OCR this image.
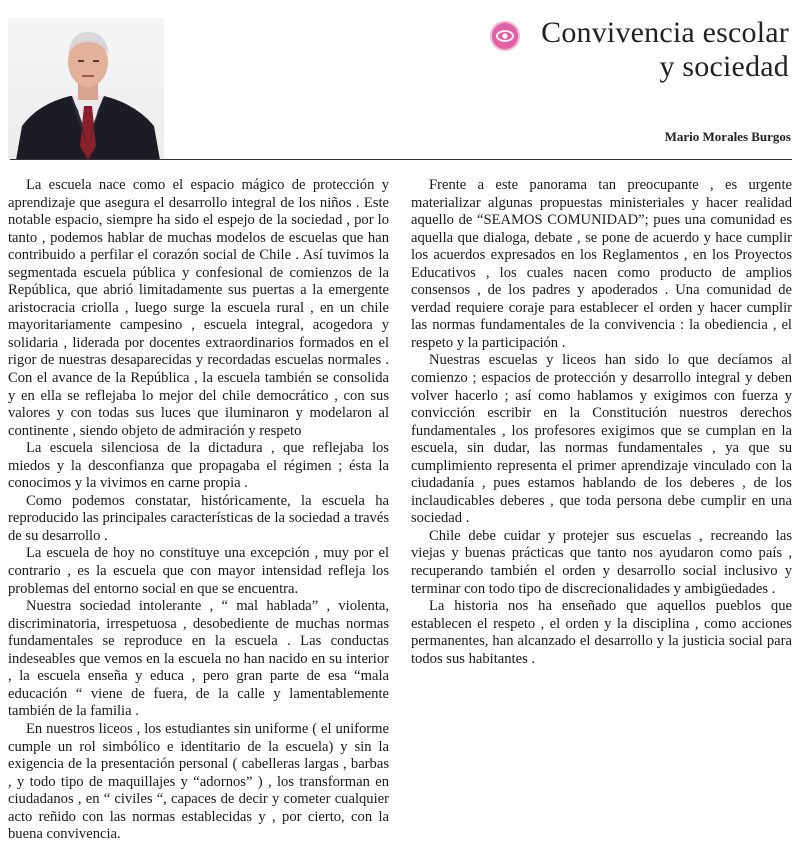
Convivencia escolar
y sociedad
Mario Morales Burgos

La escuela nace como el espacio mágico de protección y aprendizaje que asegura el desarrollo integral de los niños . Este notable espacio, siempre ha sido el espejo de la sociedad , por lo tanto , podemos hablar de muchas modelos de escuelas que han contribuido a perfilar el corazón social de Chile . Así tuvimos la segmentada escuela pública y confesional de comienzos de la República, que abrió limitadamente sus puertas a la emergente aristocracia criolla , luego surge la escuela rural , en un chile mayoritariamente campesino , escuela integral, acogedora y solidaria , liderada por docentes extraordinarios formados en el rigor de nuestras desaparecidas y recordadas escuelas normales . Con el avance de la República , la escuela también se consolida y en ella se reflejaba lo mejor del chile democrático , con sus valores y con todas sus luces que iluminaron y modelaron al continente , siendo objeto de admiración y respeto

La escuela silenciosa de la dictadura , que reflejaba los miedos y la desconfianza que propagaba el régimen ; ésta la conocimos y la vivimos en carne propia .

Como podemos constatar, históricamente, la escuela ha reproducido las principales características de la sociedad a través de su desarrollo .

La escuela de hoy no constituye una excepción , muy por el contrario , es la escuela que con mayor intensidad refleja los problemas del entorno social en que se encuentra.

Nuestra sociedad intolerante , “ mal hablada” , violenta, discriminatoria, irrespetuosa , desobediente de muchas normas fundamentales se reproduce en la escuela . Las conductas indeseables que vemos en la escuela no han nacido en su interior , la escuela enseña y educa , pero gran parte de esa “mala educación “ viene de fuera, de la calle y lamentablemente también de la familia .

En nuestros liceos , los estudiantes sin uniforme ( el uniforme cumple un rol simbólico e identitario de la escuela) y sin la exigencia de la presentación personal ( cabelleras largas , barbas , y todo tipo de maquillajes y “adornos” ) , los transforman en ciudadanos , en “ civiles “, capaces de decir y cometer cualquier acto reñido con las normas establecidas y , por cierto, con la buena convivencia.

Frente a este panorama tan preocupante , es urgente materializar algunas propuestas ministeriales y hacer realidad aquello de “SEAMOS COMUNIDAD”; pues una comunidad es aquella que dialoga, debate , se pone de acuerdo y hace cumplir los acuerdos expresados en los Reglamentos , en los Proyectos Educativos , los cuales nacen como producto de amplios consensos , de los padres y apoderados . Una comunidad de verdad requiere coraje para establecer el orden y hacer cumplir las normas fundamentales de la convivencia : la obediencia , el respeto y la participación .

Nuestras escuelas y liceos han sido lo que decíamos al comienzo ; espacios de protección y desarrollo integral y deben volver hacerlo ; así como hablamos y exigimos con fuerza y convicción escribir en la Constitución nuestros derechos fundamentales , los profesores exigimos que se cumplan en la escuela, sin dudar, las normas fundamentales , ya que su cumplimiento representa el primer aprendizaje vinculado con la ciudadanía , pues estamos hablando de los deberes , de los inclaudicables deberes , que toda persona debe cumplir en una sociedad .

Chile debe cuidar y protejer sus escuelas , recreando las viejas y buenas prácticas que tanto nos ayudaron como país , recuperando también el orden y desarrollo social inclusivo y terminar con todo tipo de discrecionalidades y ambigüedades .

La historia nos ha enseñado que aquellos pueblos que establecen el respeto , el orden y la disciplina , como acciones permanentes, han alcanzado el desarrollo y la justicia social para todos sus habitantes .
